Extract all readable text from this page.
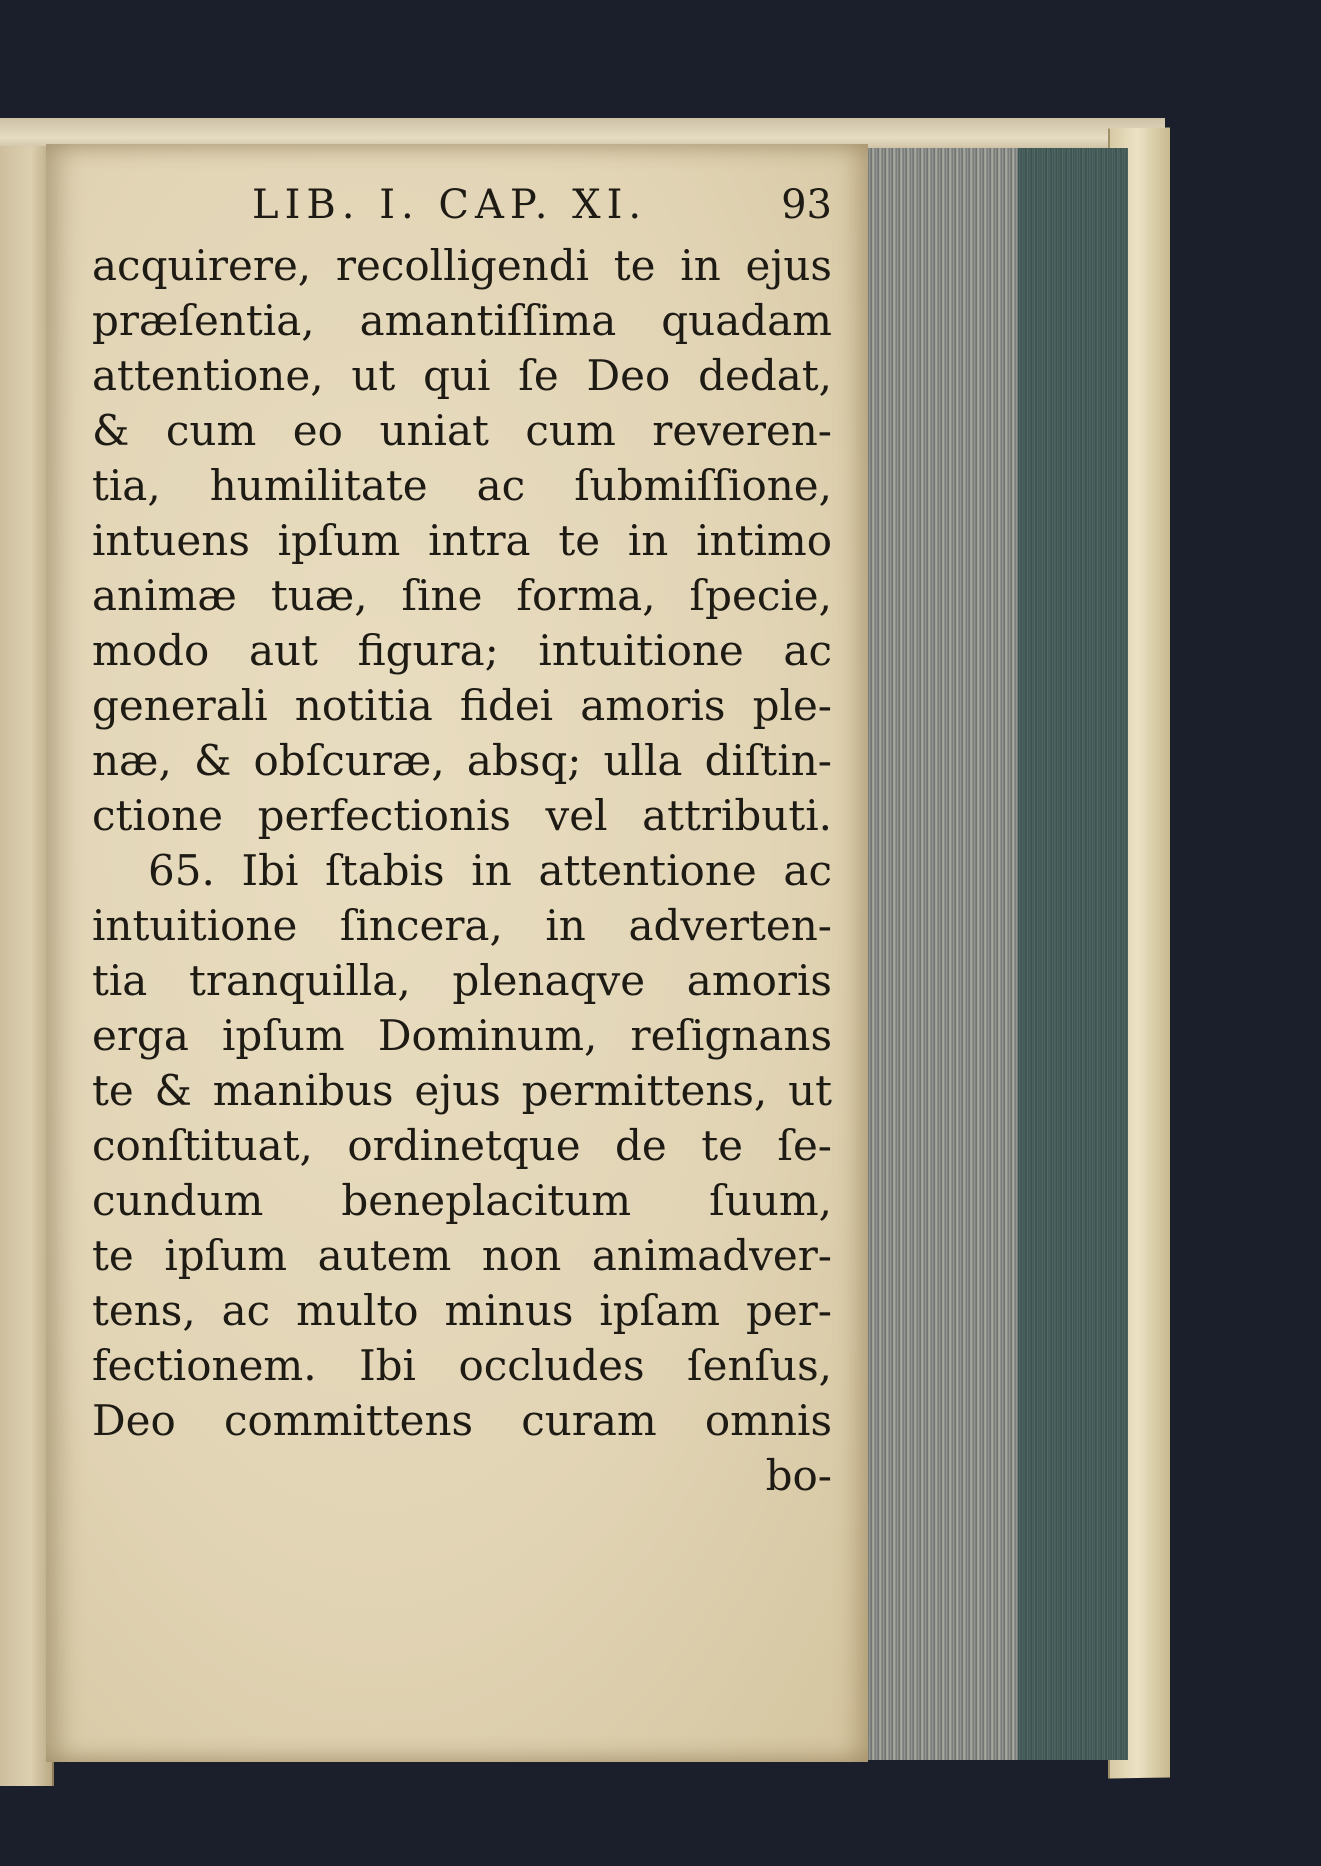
LIB. I. CAP. XI.	93
acquirere, recolligendi te in ejus
præſentia, amantiſſima quadam
attentione, ut qui ſe Deo dedat,
& cum eo uniat cum reveren-
tia, humilitate ac ſubmiſſione,
intuens ipſum intra te in intimo
animæ tuæ, ſine forma, ſpecie,
modo aut figura; intuitione ac
generali notitia fidei amoris ple-
næ, & obſcuræ, absq; ulla diſtin-
ctione perfectionis vel attributi.
65. Ibi ſtabis in attentione ac
intuitione ſincera, in adverten-
tia tranquilla, plenaqve amoris
erga ipſum Dominum, reſignans
te & manibus ejus permittens, ut
conſtituat, ordinetque de te ſe-
cundum beneplacitum ſuum,
te ipſum autem non animadver-
tens, ac multo minus ipſam per-
fectionem. Ibi occludes ſenſus,
Deo committens curam omnis
bo-
